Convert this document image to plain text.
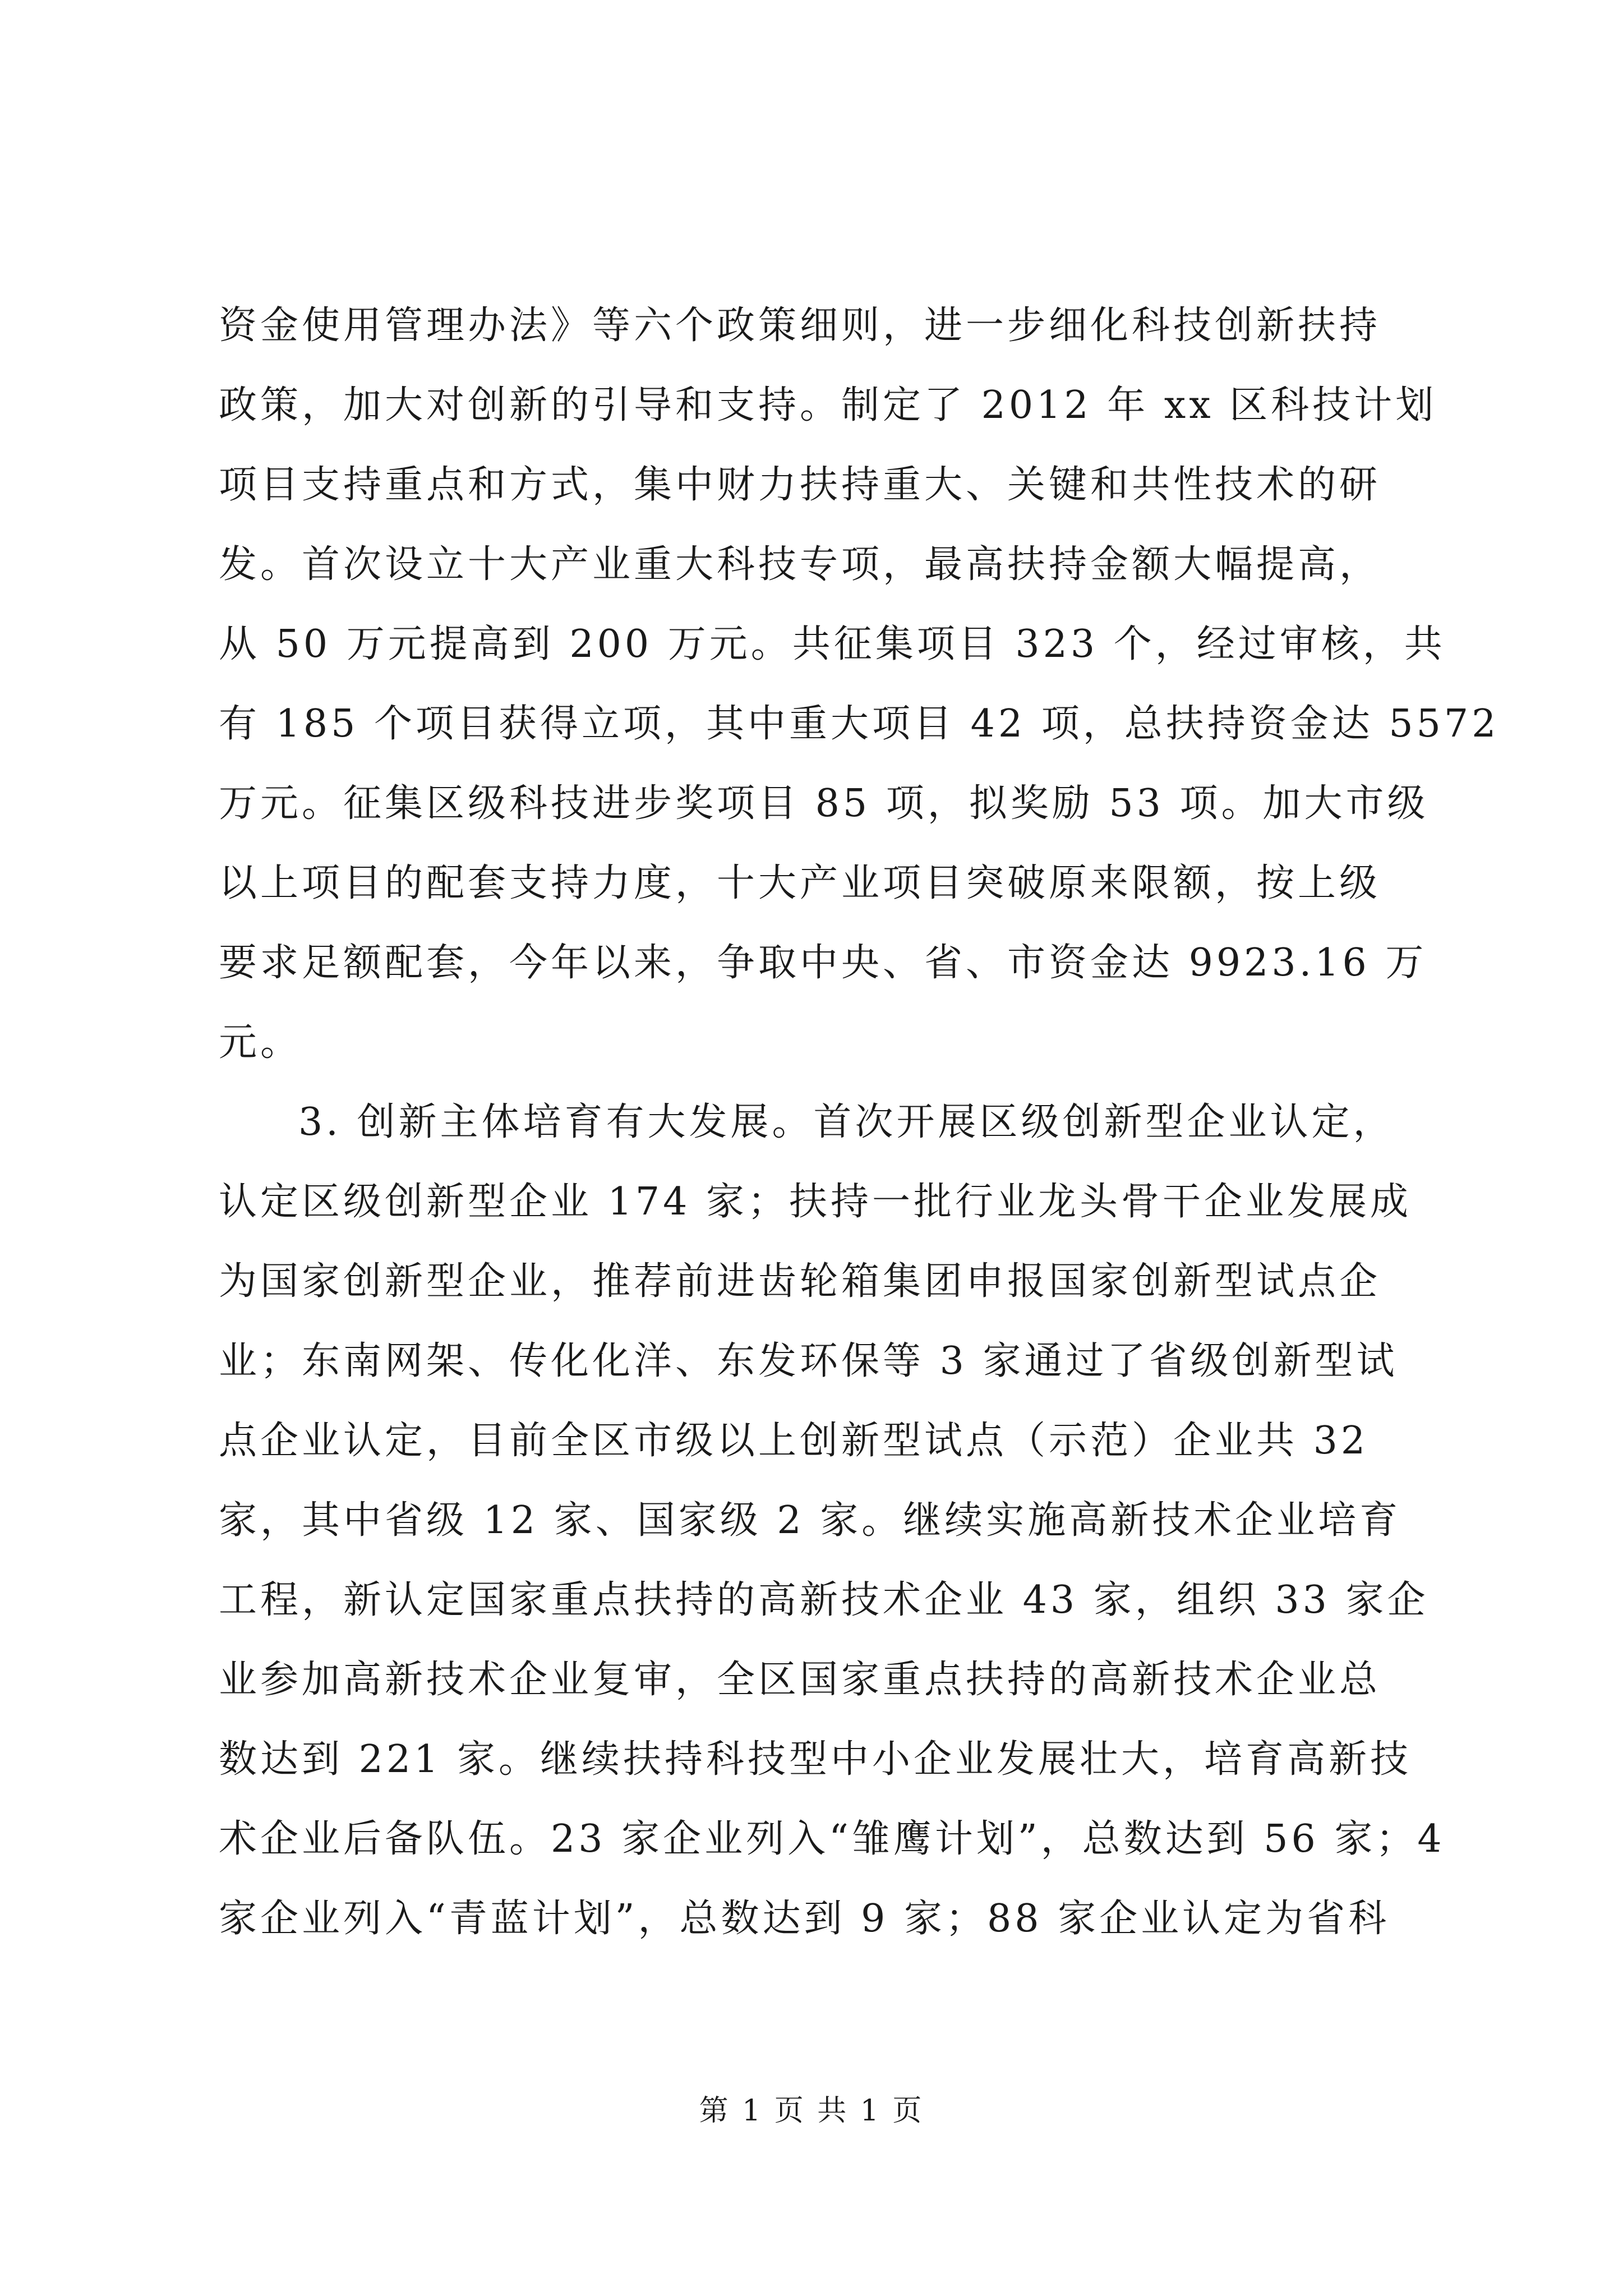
资金使用管理办法》等六个政策细则，进一步细化科技创新扶持
政策，加大对创新的引导和支持。制定了 2012 年 xx 区科技计划
项目支持重点和方式，集中财力扶持重大、关键和共性技术的研
发。首次设立十大产业重大科技专项，最高扶持金额大幅提高，
从 50 万元提高到 200 万元。共征集项目 323 个，经过审核，共
有 185 个项目获得立项，其中重大项目 42 项，总扶持资金达 5572
万元。征集区级科技进步奖项目 85 项，拟奖励 53 项。加大市级
以上项目的配套支持力度，十大产业项目突破原来限额，按上级
要求足额配套，今年以来，争取中央、省、市资金达 9923.16 万
元。
3. 创新主体培育有大发展。首次开展区级创新型企业认定，
认定区级创新型企业 174 家；扶持一批行业龙头骨干企业发展成
为国家创新型企业，推荐前进齿轮箱集团申报国家创新型试点企
业；东南网架、传化化洋、东发环保等 3 家通过了省级创新型试
点企业认定，目前全区市级以上创新型试点（示范）企业共 32
家，其中省级 12 家、国家级 2 家。继续实施高新技术企业培育
工程，新认定国家重点扶持的高新技术企业 43 家，组织 33 家企
业参加高新技术企业复审，全区国家重点扶持的高新技术企业总
数达到 221 家。继续扶持科技型中小企业发展壮大，培育高新技
术企业后备队伍。23 家企业列入“雏鹰计划”，总数达到 56 家；4
家企业列入“青蓝计划”，总数达到 9 家；88 家企业认定为省科
第 1 页 共 1 页
